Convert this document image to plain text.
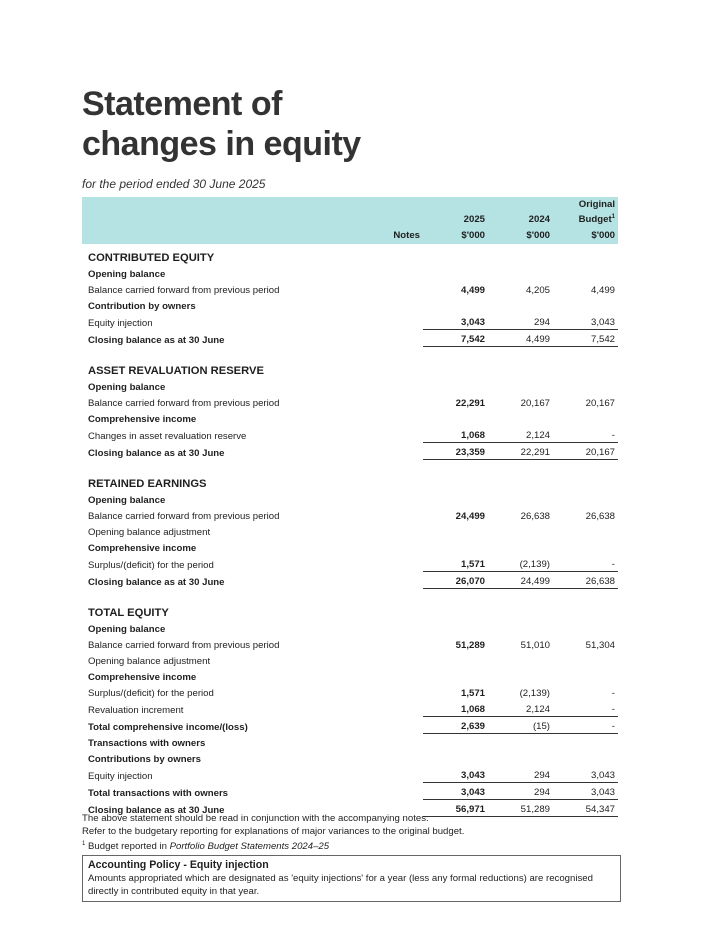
Statement of
changes in equity
for the period ended 30 June 2025
		2025	2024	Original
Budget$^1$
	Notes	$'000	$'000	$'000
CONTRIBUTED EQUITY				
Opening balance				
Balance carried forward from previous period		4,499	4,205	4,499
Contribution by owners				
Equity injection		3,043	294	3,043
Closing balance as at 30 June		7,542	4,499	7,542

ASSET REVALUATION RESERVE				
Opening balance				
Balance carried forward from previous period		22,291	20,167	20,167
Comprehensive income				
Changes in asset revaluation reserve		1,068	2,124	-
Closing balance as at 30 June		23,359	22,291	20,167

RETAINED EARNINGS				
Opening balance				
Balance carried forward from previous period		24,499	26,638	26,638
Opening balance adjustment				
Comprehensive income				
Surplus/(deficit) for the period		1,571	(2,139)	-
Closing balance as at 30 June		26,070	24,499	26,638

TOTAL EQUITY				
Opening balance				
Balance carried forward from previous period		51,289	51,010	51,304
Opening balance adjustment				
Comprehensive income				
Surplus/(deficit) for the period		1,571	(2,139)	-
Revaluation increment		1,068	2,124	-
Total comprehensive income/(loss)		2,639	(15)	-
Transactions with owners				
Contributions by owners				
Equity injection		3,043	294	3,043
Total transactions with owners		3,043	294	3,043
Closing balance as at 30 June		56,971	51,289	54,347
The above statement should be read in conjunction with the accompanying notes.
Refer to the budgetary reporting for explanations of major variances to the original budget.
$^1$ Budget reported in Portfolio Budget Statements 2024–25
Accounting Policy - Equity injection
Amounts appropriated which are designated as 'equity injections' for a year (less any formal reductions) are recognised directly in contributed equity in that year.
